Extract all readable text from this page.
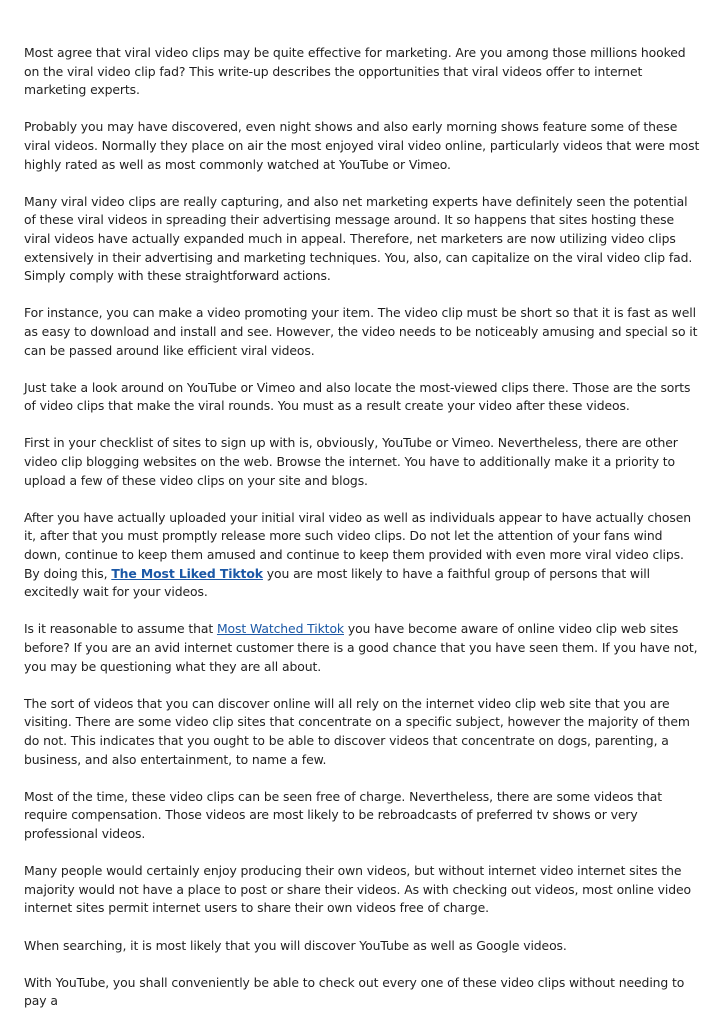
Most agree that viral video clips may be quite effective for marketing. Are you among those millions hooked on the viral video clip fad? This write-up describes the opportunities that viral videos offer to internet marketing experts.

Probably you may have discovered, even night shows and also early morning shows feature some of these viral videos. Normally they place on air the most enjoyed viral video online, particularly videos that were most highly rated as well as most commonly watched at YouTube or Vimeo.

Many viral video clips are really capturing, and also net marketing experts have definitely seen the potential of these viral videos in spreading their advertising message around. It so happens that sites hosting these viral videos have actually expanded much in appeal. Therefore, net marketers are now utilizing video clips extensively in their advertising and marketing techniques. You, also, can capitalize on the viral video clip fad. Simply comply with these straightforward actions.

For instance, you can make a video promoting your item. The video clip must be short so that it is fast as well as easy to download and install and see. However, the video needs to be noticeably amusing and special so it can be passed around like efficient viral videos.

Just take a look around on YouTube or Vimeo and also locate the most-viewed clips there. Those are the sorts of video clips that make the viral rounds. You must as a result create your video after these videos.

First in your checklist of sites to sign up with is, obviously, YouTube or Vimeo. Nevertheless, there are other video clip blogging websites on the web. Browse the internet. You have to additionally make it a priority to upload a few of these video clips on your site and blogs.

After you have actually uploaded your initial viral video as well as individuals appear to have actually chosen it, after that you must promptly release more such video clips. Do not let the attention of your fans wind down, continue to keep them amused and continue to keep them provided with even more viral video clips. By doing this, The Most Liked Tiktok you are most likely to have a faithful group of persons that will excitedly wait for your videos.

Is it reasonable to assume that Most Watched Tiktok you have become aware of online video clip web sites before? If you are an avid internet customer there is a good chance that you have seen them. If you have not, you may be questioning what they are all about.

The sort of videos that you can discover online will all rely on the internet video clip web site that you are visiting. There are some video clip sites that concentrate on a specific subject, however the majority of them do not. This indicates that you ought to be able to discover videos that concentrate on dogs, parenting, a business, and also entertainment, to name a few.

Most of the time, these video clips can be seen free of charge. Nevertheless, there are some videos that require compensation. Those videos are most likely to be rebroadcasts of preferred tv shows or very professional videos.

Many people would certainly enjoy producing their own videos, but without internet video internet sites the majority would not have a place to post or share their videos. As with checking out videos, most online video internet sites permit internet users to share their own videos free of charge.

When searching, it is most likely that you will discover YouTube as well as Google videos.

With YouTube, you shall conveniently be able to check out every one of these video clips without needing to pay a
